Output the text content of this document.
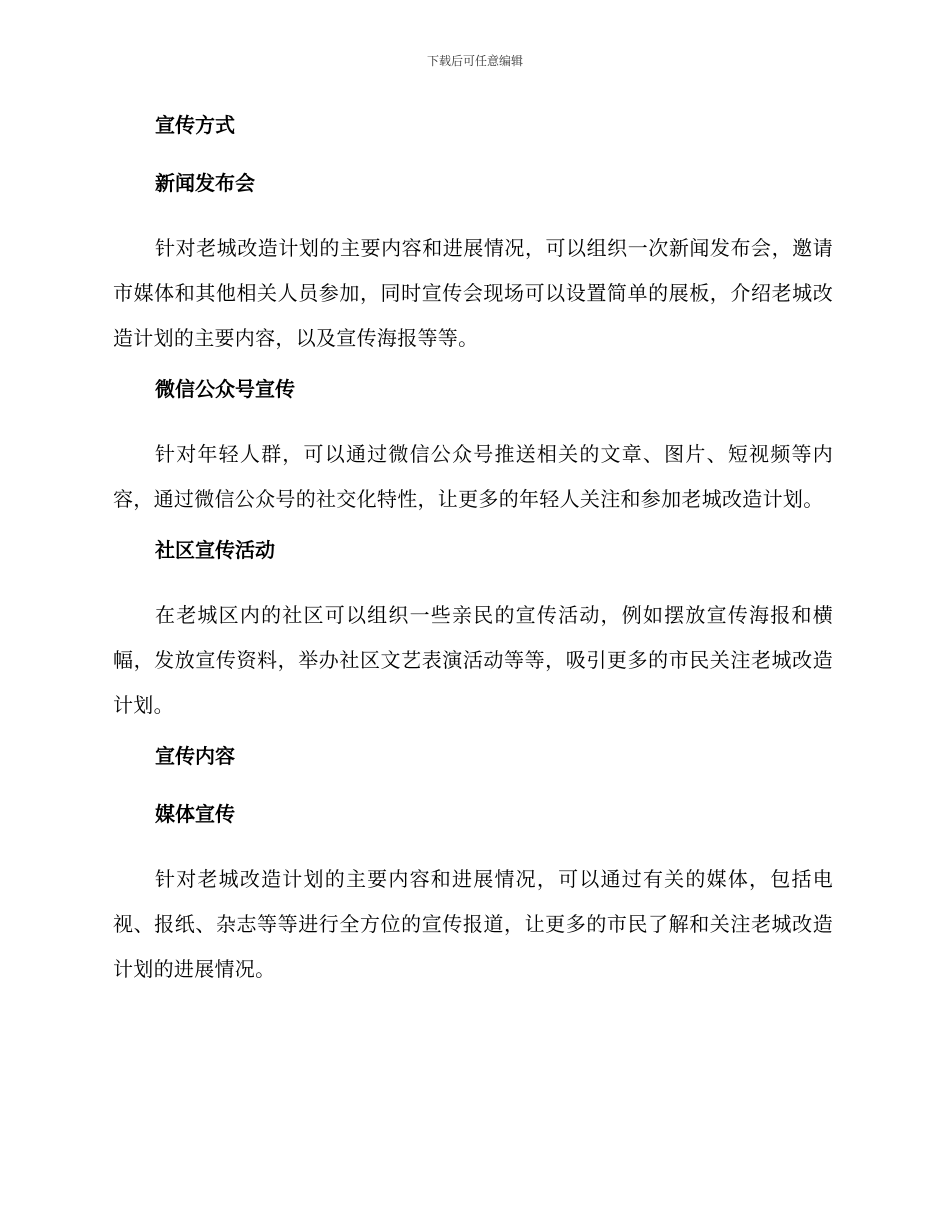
下载后可任意编辑
宣传方式
新闻发布会

针对老城改造计划的主要内容和进展情况，可以组织一次新闻发布会，邀请市媒体和其他相关人员参加，同时宣传会现场可以设置简单的展板，介绍老城改造计划的主要内容，以及宣传海报等等。

微信公众号宣传

针对年轻人群，可以通过微信公众号推送相关的文章、图片、短视频等内容，通过微信公众号的社交化特性，让更多的年轻人关注和参加老城改造计划。

社区宣传活动

在老城区内的社区可以组织一些亲民的宣传活动，例如摆放宣传海报和横幅，发放宣传资料，举办社区文艺表演活动等等，吸引更多的市民关注老城改造计划。

宣传内容
媒体宣传

针对老城改造计划的主要内容和进展情况，可以通过有关的媒体，包括电视、报纸、杂志等等进行全方位的宣传报道，让更多的市民了解和关注老城改造计划的进展情况。
